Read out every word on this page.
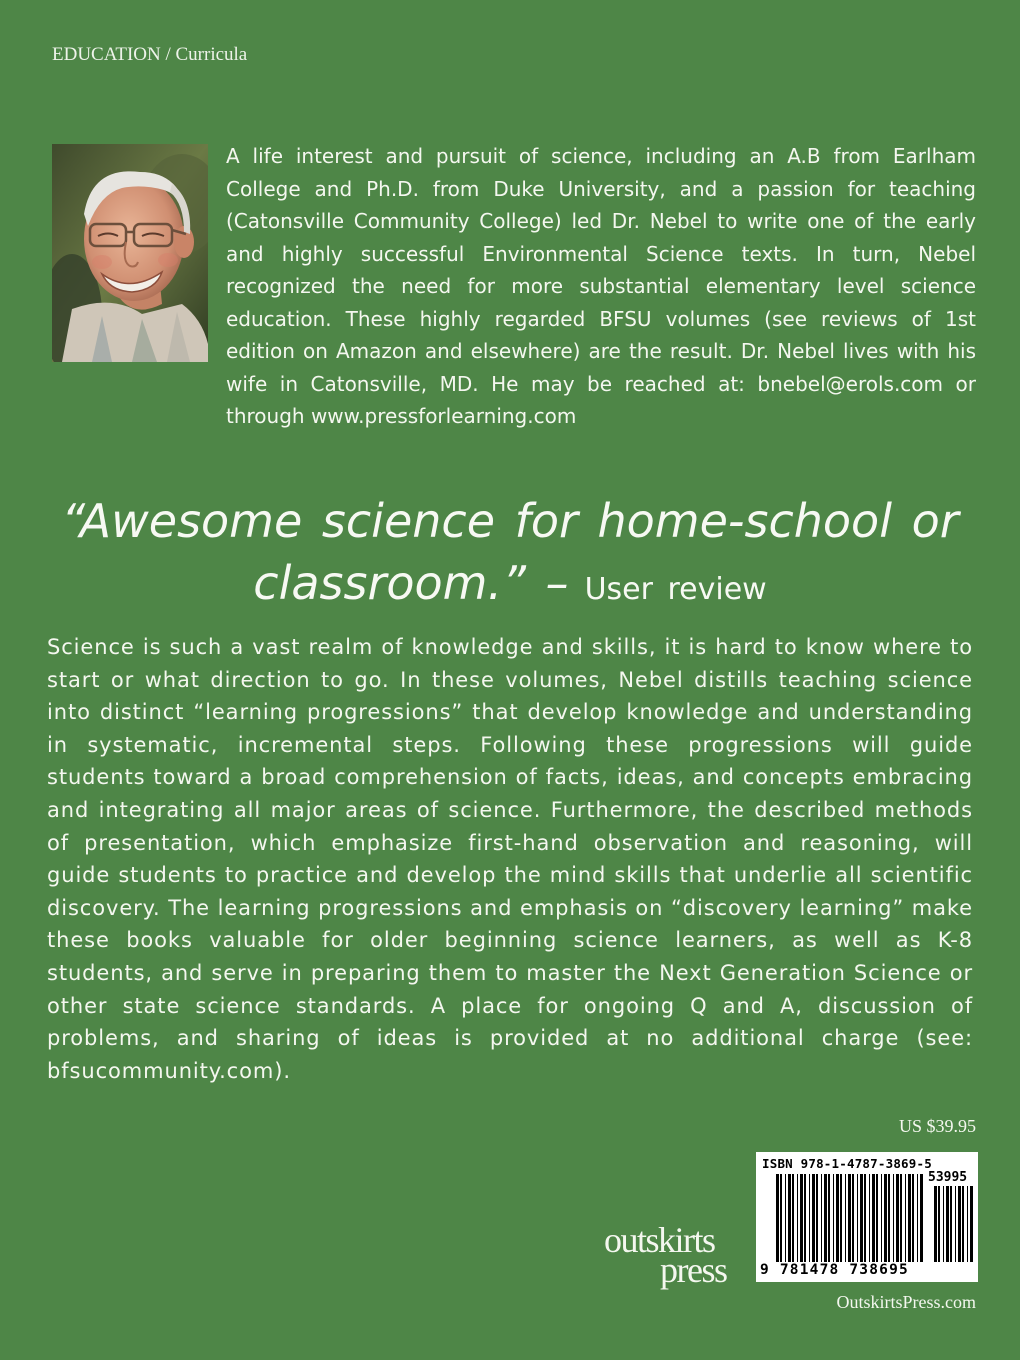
EDUCATION / Curricula

A life interest and pursuit of science, including an A.B from Earlham College and Ph.D. from Duke University, and a passion for teaching (Catonsville Community College) led Dr. Nebel to write one of the early and highly successful Environmental Science texts. In turn, Nebel recognized the need for more substantial elementary level science education. These highly regarded BFSU volumes (see reviews of 1st edition on Amazon and elsewhere) are the result. Dr. Nebel lives with his wife in Catonsville, MD. He may be reached at: bnebel@erols.com or through www.pressforlearning.com

“Awesome science for home-school or
classroom.” – User review

Science is such a vast realm of knowledge and skills, it is hard to know where to start or what direction to go. In these volumes, Nebel distills teaching science into distinct “learning progressions” that develop knowledge and understanding in systematic, incremental steps. Following these progressions will guide students toward a broad comprehension of facts, ideas, and concepts embracing and integrating all major areas of science. Furthermore, the described methods of presentation, which emphasize first-hand observation and reasoning, will guide students to practice and develop the mind skills that underlie all scientific discovery. The learning progressions and emphasis on “discovery learning” make these books valuable for older beginning science learners, as well as K-8 students, and serve in preparing them to master the Next Generation Science or other state science standards. A place for ongoing Q and A, discussion of problems, and sharing of ideas is provided at no additional charge (see: bfsucommunity.com).

US $39.95
ISBN 978-1-4787-3869-5
53995
9 781478 738695
outskirts
press
OutskirtsPress.com
